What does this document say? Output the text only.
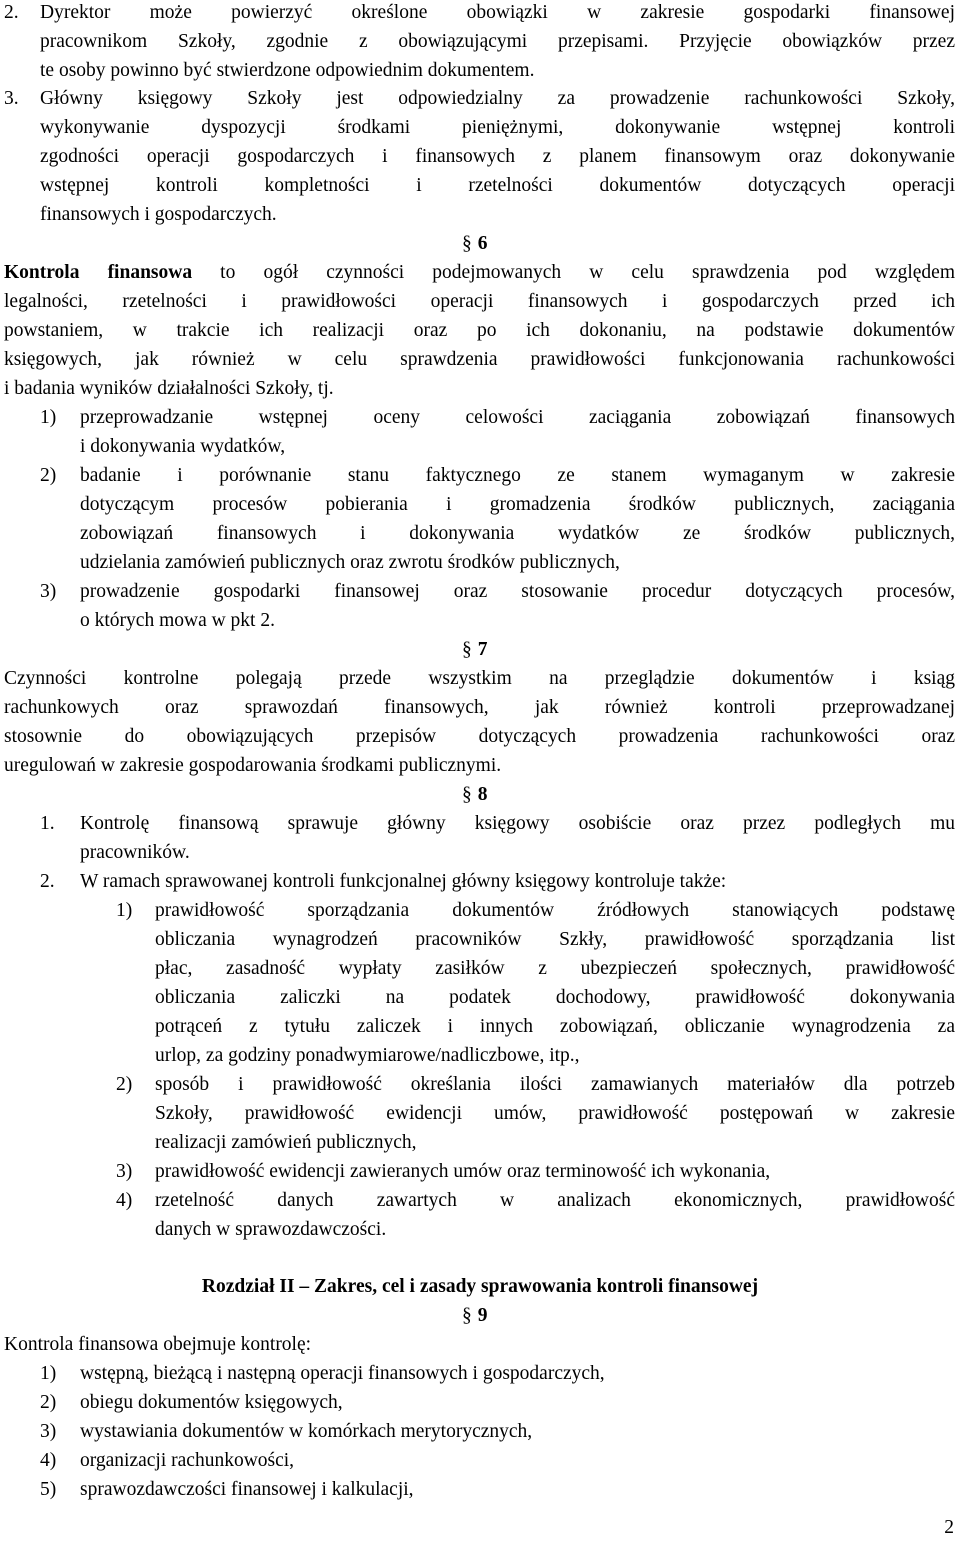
2. Dyrektor może powierzyć określone obowiązki w zakresie gospodarki finansowej
pracownikom Szkoły, zgodnie z obowiązującymi przepisami. Przyjęcie obowiązków przez
te osoby powinno być stwierdzone odpowiednim dokumentem.
3. Główny księgowy Szkoły jest odpowiedzialny za prowadzenie rachunkowości Szkoły,
wykonywanie dyspozycji środkami pieniężnymi, dokonywanie wstępnej kontroli
zgodności operacji gospodarczych i finansowych z planem finansowym oraz dokonywanie
wstępnej kontroli kompletności i rzetelności dokumentów dotyczących operacji
finansowych i gospodarczych.
§ 6
Kontrola finansowa to ogół czynności podejmowanych w celu sprawdzenia pod względem
legalności, rzetelności i prawidłowości operacji finansowych i gospodarczych przed ich
powstaniem, w trakcie ich realizacji oraz po ich dokonaniu, na podstawie dokumentów
księgowych, jak również w celu sprawdzenia prawidłowości funkcjonowania rachunkowości
i badania wyników działalności Szkoły, tj.
1) przeprowadzanie wstępnej oceny celowości zaciągania zobowiązań finansowych
i dokonywania wydatków,
2) badanie i porównanie stanu faktycznego ze stanem wymaganym w zakresie
dotyczącym procesów pobierania i gromadzenia środków publicznych, zaciągania
zobowiązań finansowych i dokonywania wydatków ze środków publicznych,
udzielania zamówień publicznych oraz zwrotu środków publicznych,
3) prowadzenie gospodarki finansowej oraz stosowanie procedur dotyczących procesów,
o których mowa w pkt 2.
§ 7
Czynności kontrolne polegają przede wszystkim na przeglądzie dokumentów i ksiąg
rachunkowych oraz sprawozdań finansowych, jak również kontroli przeprowadzanej
stosownie do obowiązujących przepisów dotyczących prowadzenia rachunkowości oraz
uregulowań w zakresie gospodarowania środkami publicznymi.
§ 8
1. Kontrolę finansową sprawuje główny księgowy osobiście oraz przez podległych mu
pracowników.
2. W ramach sprawowanej kontroli funkcjonalnej główny księgowy kontroluje także:
1) prawidłowość sporządzania dokumentów źródłowych stanowiących podstawę
obliczania wynagrodzeń pracowników Szkły, prawidłowość sporządzania list
płac, zasadność wypłaty zasiłków z ubezpieczeń społecznych, prawidłowość
obliczania zaliczki na podatek dochodowy, prawidłowość dokonywania
potrąceń z tytułu zaliczek i innych zobowiązań, obliczanie wynagrodzenia za
urlop, za godziny ponadwymiarowe/nadliczbowe, itp.,
2) sposób i prawidłowość określania ilości zamawianych materiałów dla potrzeb
Szkoły, prawidłowość ewidencji umów, prawidłowość postępowań w zakresie
realizacji zamówień publicznych,
3) prawidłowość ewidencji zawieranych umów oraz terminowość ich wykonania,
4) rzetelność danych zawartych w analizach ekonomicznych, prawidłowość
danych w sprawozdawczości.
Rozdział II – Zakres, cel i zasady sprawowania kontroli finansowej
§ 9
Kontrola finansowa obejmuje kontrolę:
1) wstępną, bieżącą i następną operacji finansowych i gospodarczych,
2) obiegu dokumentów księgowych,
3) wystawiania dokumentów w komórkach merytorycznych,
4) organizacji rachunkowości,
5) sprawozdawczości finansowej i kalkulacji,
2
